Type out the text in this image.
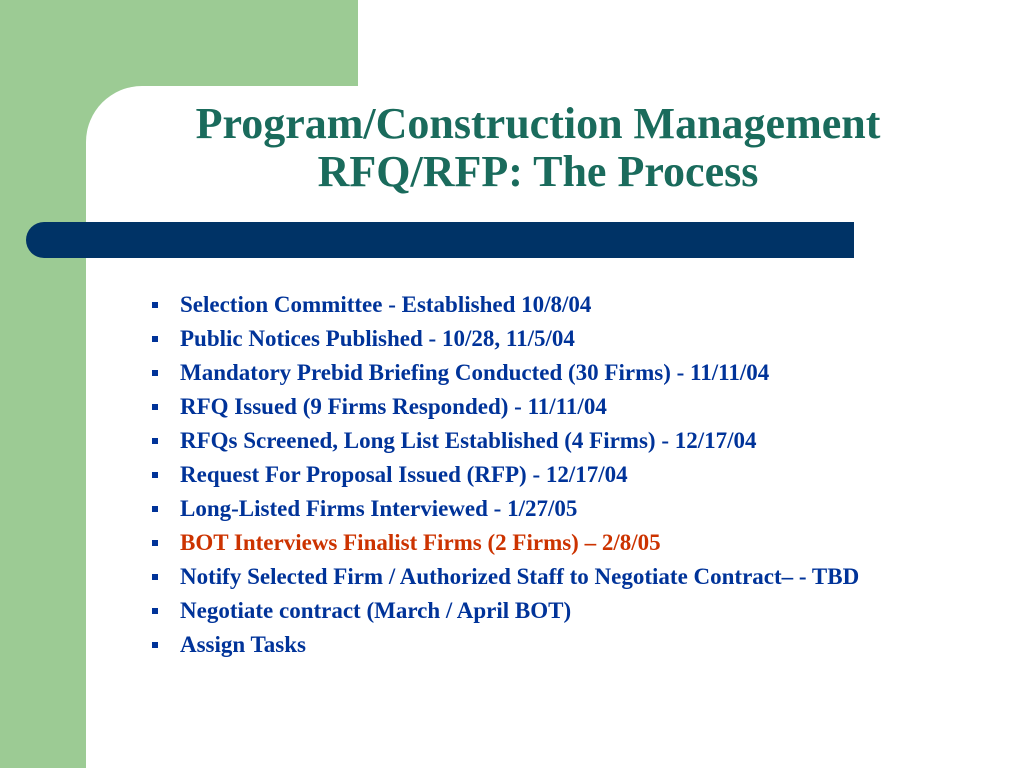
Program/Construction Management
RFQ/RFP: The Process
Selection Committee - Established 10/8/04
Public Notices Published - 10/28, 11/5/04
Mandatory Prebid Briefing Conducted (30 Firms) - 11/11/04
RFQ Issued (9 Firms Responded) - 11/11/04
RFQs Screened, Long List Established (4 Firms) - 12/17/04
Request For Proposal Issued (RFP) - 12/17/04
Long-Listed Firms Interviewed - 1/27/05
BOT Interviews Finalist Firms (2 Firms) – 2/8/05
Notify Selected Firm / Authorized Staff to Negotiate Contract– - TBD
Negotiate contract (March / April BOT)
Assign Tasks
